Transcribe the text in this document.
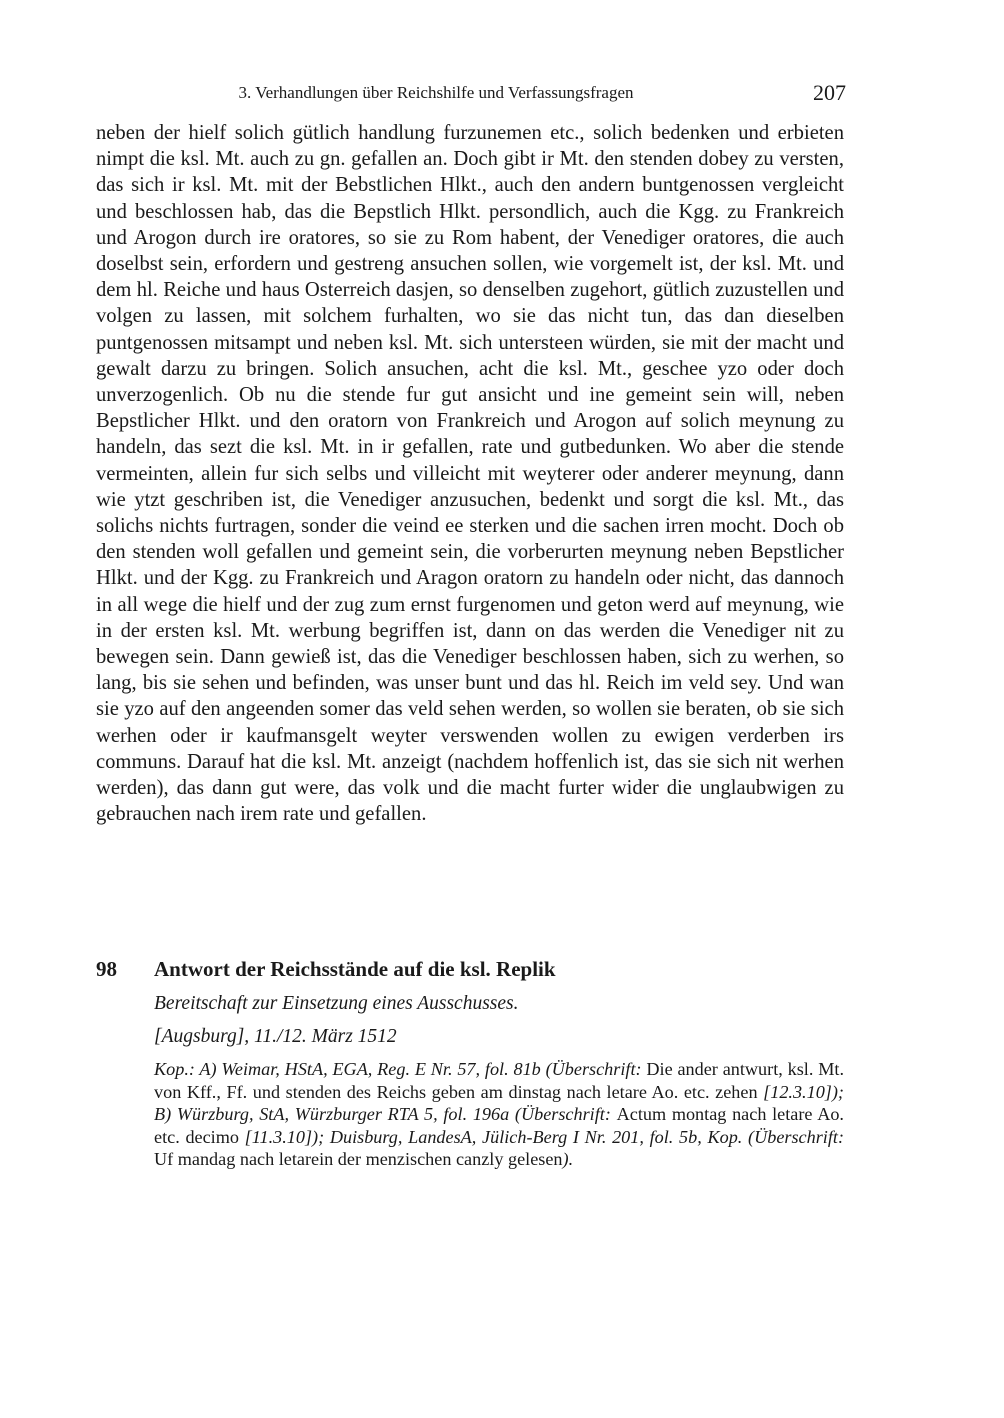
3. Verhandlungen über Reichshilfe und Verfassungsfragen	207

neben der hielf solich gütlich handlung furzunemen etc., solich bedenken und erbieten nimpt die ksl. Mt. auch zu gn. gefallen an. Doch gibt ir Mt. den stenden dobey zu versten, das sich ir ksl. Mt. mit der Bebstlichen Hlkt., auch den andern buntgenossen vergleicht und beschlossen hab, das die Bepstlich Hlkt. persondlich, auch die Kgg. zu Frankreich und Arogon durch ire oratores, so sie zu Rom habent, der Venediger oratores, die auch doselbst sein, erfordern und gestreng ansuchen sollen, wie vorgemelt ist, der ksl. Mt. und dem hl. Reiche und haus Osterreich dasjen, so denselben zugehort, gütlich zuzustellen und volgen zu lassen, mit solchem furhalten, wo sie das nicht tun, das dan dieselben puntgenossen mitsampt und neben ksl. Mt. sich untersteen würden, sie mit der macht und gewalt darzu zu bringen. Solich ansuchen, acht die ksl. Mt., geschee yzo oder doch unverzogenlich. Ob nu die stende fur gut ansicht und ine gemeint sein will, neben Bepstlicher Hlkt. und den oratorn von Frankreich und Arogon auf solich meynung zu handeln, das sezt die ksl. Mt. in ir gefallen, rate und gutbedunken. Wo aber die stende vermeinten, allein fur sich selbs und villeicht mit weyterer oder anderer meynung, dann wie ytzt geschriben ist, die Venediger anzusuchen, bedenkt und sorgt die ksl. Mt., das solichs nichts furtragen, sonder die veind ee sterken und die sachen irren mocht. Doch ob den stenden woll gefallen und gemeint sein, die vorberurten meynung neben Bepstlicher Hlkt. und der Kgg. zu Frankreich und Aragon oratorn zu handeln oder nicht, das dannoch in all wege die hielf und der zug zum ernst furgenomen und geton werd auf meynung, wie in der ersten ksl. Mt. werbung begriffen ist, dann on das werden die Venediger nit zu bewegen sein. Dann gewieß ist, das die Venediger beschlossen haben, sich zu werhen, so lang, bis sie sehen und befinden, was unser bunt und das hl. Reich im veld sey. Und wan sie yzo auf den angeenden somer das veld sehen werden, so wollen sie beraten, ob sie sich werhen oder ir kaufmansgelt weyter verswenden wollen zu ewigen verderben irs communs. Darauf hat die ksl. Mt. anzeigt (nachdem hoffenlich ist, das sie sich nit werhen werden), das dann gut were, das volk und die macht furter wider die unglaubwigen zu gebrauchen nach irem rate und gefallen.

98 Antwort der Reichsstände auf die ksl. Replik
Bereitschaft zur Einsetzung eines Ausschusses.
[Augsburg], 11./12. März 1512

Kop.: A) Weimar, HStA, EGA, Reg. E Nr. 57, fol. 81b (Überschrift: Die ander antwurt, ksl. Mt. von Kff., Ff. und stenden des Reichs geben am dinstag nach letare Ao. etc. zehen [12.3.10]); B) Würzburg, StA, Würzburger RTA 5, fol. 196a (Überschrift: Actum montag nach letare Ao. etc. decimo [11.3.10]); Duisburg, LandesA, Jülich-Berg I Nr. 201, fol. 5b, Kop. (Überschrift: Uf mandag nach letarein der menzischen canzly gelesen).
